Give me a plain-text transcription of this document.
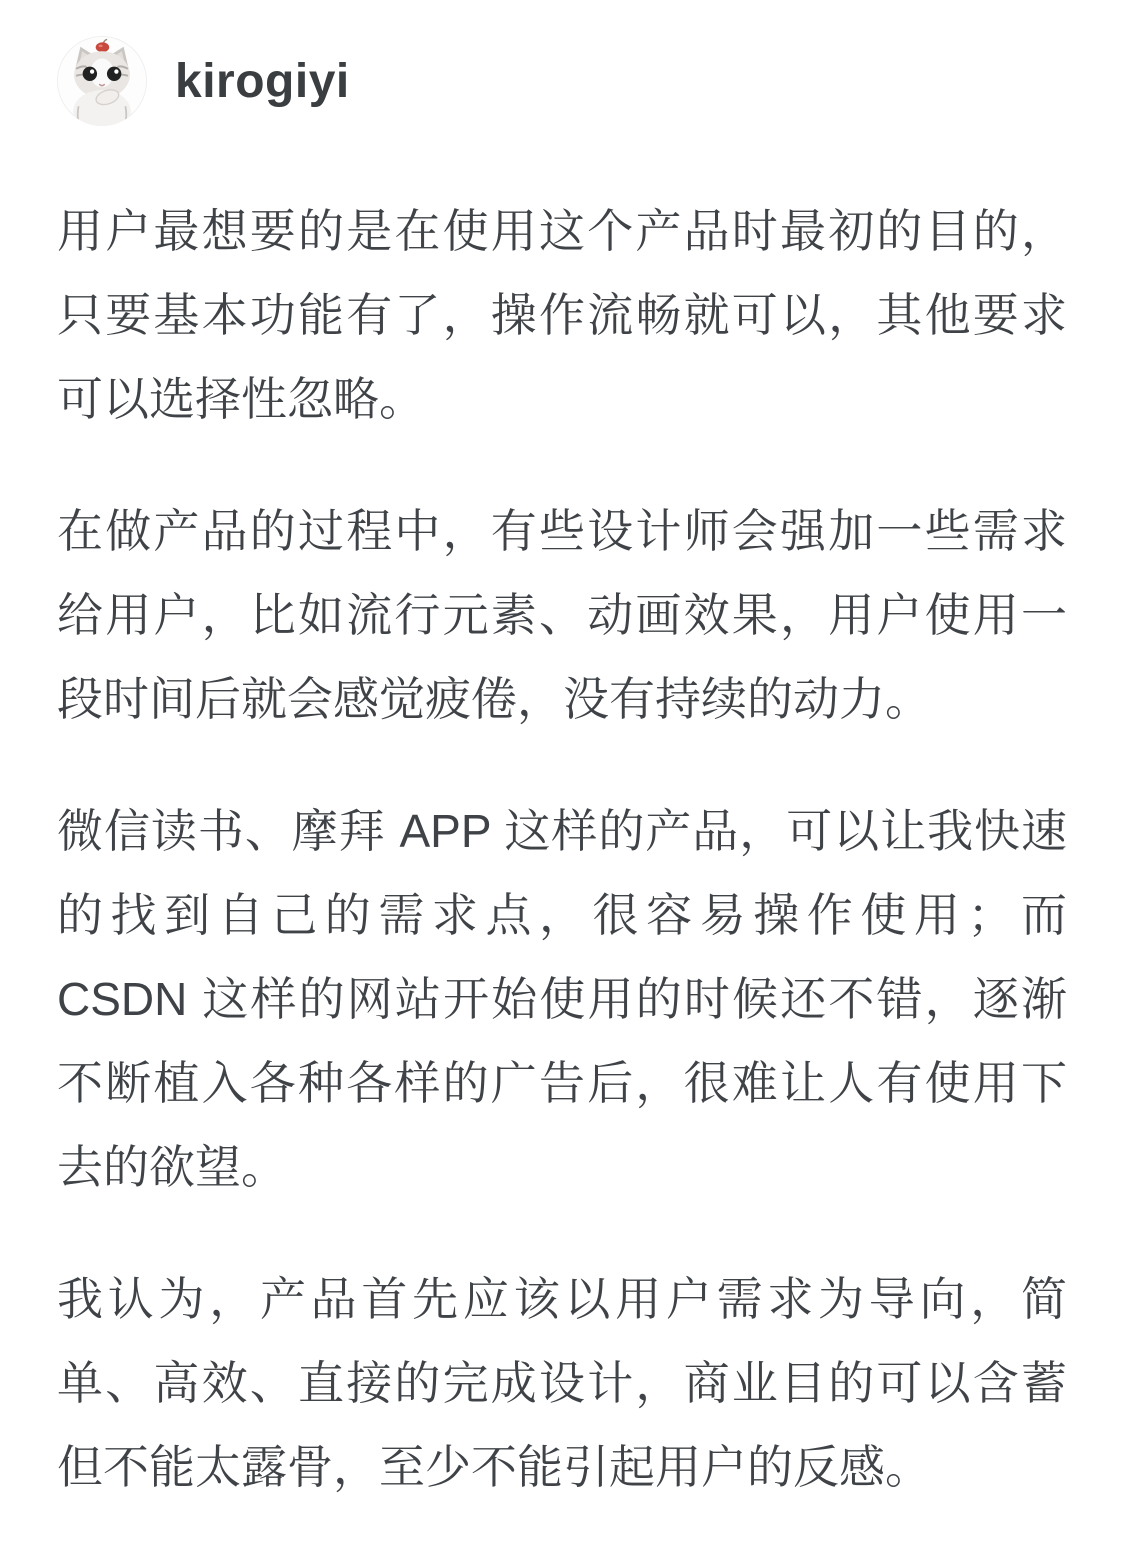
kirogiyi

用户最想要的是在使用这个产品时最初的目的，只要基本功能有了，操作流畅就可以，其他要求可以选择性忽略。

在做产品的过程中，有些设计师会强加一些需求给用户，比如流行元素、动画效果，用户使用一段时间后就会感觉疲倦，没有持续的动力。

微信读书、摩拜 APP 这样的产品，可以让我快速的找到自己的需求点，很容易操作使用；而 CSDN 这样的网站开始使用的时候还不错，逐渐不断植入各种各样的广告后，很难让人有使用下去的欲望。

我认为，产品首先应该以用户需求为导向，简单、高效、直接的完成设计，商业目的可以含蓄但不能太露骨，至少不能引起用户的反感。
